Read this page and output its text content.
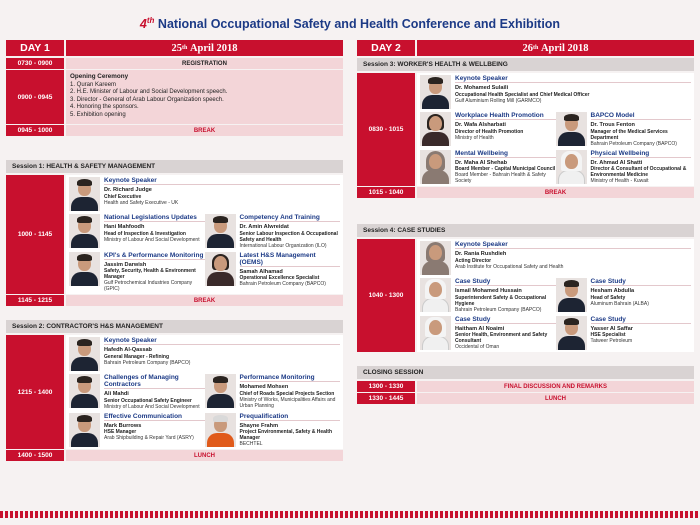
4th National Occupational Safety and Health Conference and Exhibition
DAY 1	25 th
April 2018
0730 - 0900	REGISTRATION
0900 - 0945
Opening Ceremony
1. Quran Kareem
2. H.E. Minister of Labour and Social Development speech.
3. Director - General of Arab Labour Organization speech.
4. Honoring the sponsors.
5. Exhibition opening
0945 - 1000	BREAK
Session 1: HEALTH & SAFETY MANAGEMENT
1000 - 1145
Keynote Speaker
Dr. Richard Judge
Chief Executive
Health and Safety Executive - UK
National Legislations Updates
Hani Mahfoodh
Head of Inspection & Investigation
Ministry of Labour And Social Development
Competency And Training
Dr. Amin Alwreidat
Senior Labour Inspection & Occupational Safety and Health
International Labour Organization (ILO)
KPI's & Performance Monitoring
Jassim Darwish
Safety, Security, Health & Environment Manager
Gulf Petrochemical Industries Company (GPIC)
Latest H&S Management (OEMS)
Samah Alhamad
Operational Excellence Specialist
Bahrain Petroleum Company (BAPCO)
1145 - 1215	BREAK
Session 2: CONTRACTOR'S H&S MANAGEMENT
1215 - 1400
Keynote Speaker
Hafedh Al-Qassab
General Manager - Refining
Bahrain Petroleum Company (BAPCO)
Challenges of Managing Contractors
Ali Mahdi
Senior Occupational Safety Engineer
Ministry of Labour And Social Development
Performance Monitoring
Mohamed Mohsen
Chief of Roads Special Projects Section
Ministry of Works, Municipalities Affairs and Urban Planning
Effective Communication
Mark Burrows
HSE Manager
Arab Shipbuilding & Repair Yard (ASRY)
Prequalification
Shayne Frahm
Project Environmental, Safety & Health Manager
BECHTEL
1400 - 1500	LUNCH
DAY 2	26 th
April 2018
Session 3: WORKER'S HEALTH & WELLBEING
0830 - 1015
Keynote Speaker
Dr. Mohamed Sulaili
Occupational Health Specialist and Chief Medical Officer
Gulf Aluminium Rolling Mill (GARMCO)
Workplace Health Promotion
Dr. Wafa Alsharbati
Director of Health Promotion
Ministry of Health
BAPCO Model
Dr. Trous Fenton
Manager of the Medical Services Department
Bahrain Petroleum Company (BAPCO)
Mental Wellbeing
Dr. Maha Al Shehab
Board Member - Capital Municipal Council
Board Member - Bahrain Health & Safety Society
Physical Wellbeing
Dr. Ahmad Al Shatti
Director & Consultant of Occupational & Environmental Medicine
Ministry of Health - Kuwait
1015 - 1040	BREAK
Session 4: CASE STUDIES
1040 - 1300
Keynote Speaker
Dr. Rania Rushdieh
Acting Director
Arab Institute for Occupational Safety and Health
Case Study
Ismail Mohamed Hussain
Superintendent Safety & Occupational Hygiene
Bahrain Petroleum Company (BAPCO)
Case Study
Hesham Abdulla
Head of Safety
Aluminum Bahrain (ALBA)
Case Study
Haitham Al Noaimi
Senior Health, Environment and Safety Consultant
Occidental of Oman
Case Study
Yasser Al Saffar
HSE Specialist
Tatweer Petroleum
CLOSING SESSION
1300 - 1330	FINAL DISCUSSION AND REMARKS
1330 - 1445	LUNCH
